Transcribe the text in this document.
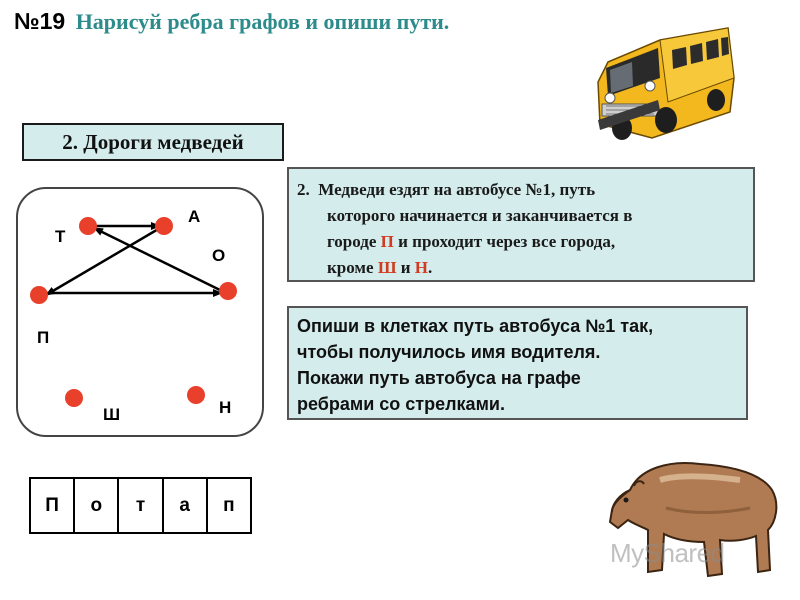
№19 Нарисуй ребра графов и опиши пути.
2. Дороги медведей
Т
А
О
П
Ш	Н
2. Медведи ездят на автобусе №1, путь
которого начинается и заканчивается в
городе П и проходит через все города,
кроме Ш и Н.
Опиши в клетках путь автобуса №1 так,
чтобы получилось имя водителя.
Покажи путь автобуса на графе
ребрами со стрелками.
П	о	т	а	п
MyShared
